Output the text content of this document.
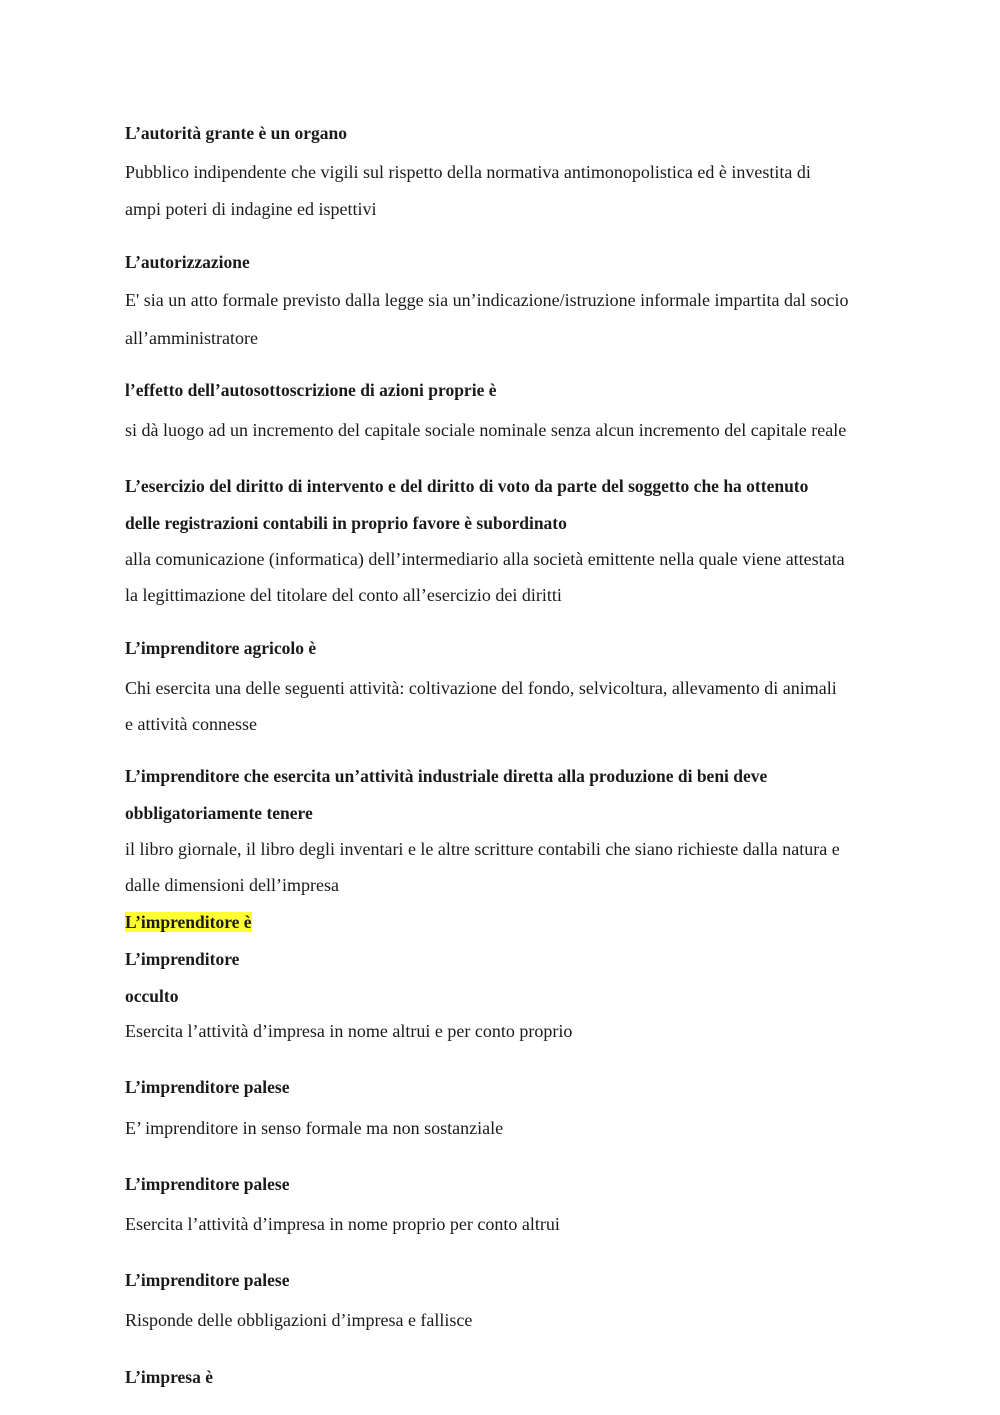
L’autorità grante è un organo

Pubblico indipendente che vigili sul rispetto della normativa antimonopolistica ed è investita di

ampi poteri di indagine ed ispettivi

L’autorizzazione

E' sia un atto formale previsto dalla legge sia un’indicazione/istruzione informale impartita dal socio

all’amministratore

l’effetto dell’autosottoscrizione di azioni proprie è

si dà luogo ad un incremento del capitale sociale nominale senza alcun incremento del capitale reale

L’esercizio del diritto di intervento e del diritto di voto da parte del soggetto che ha ottenuto

delle registrazioni contabili in proprio favore è subordinato

alla comunicazione (informatica) dell’intermediario alla società emittente nella quale viene attestata

la legittimazione del titolare del conto all’esercizio dei diritti

L’imprenditore agricolo è

Chi esercita una delle seguenti attività: coltivazione del fondo, selvicoltura, allevamento di animali

e attività connesse

L’imprenditore che esercita un’attività industriale diretta alla produzione di beni deve

obbligatoriamente tenere

il libro giornale, il libro degli inventari e le altre scritture contabili che siano richieste dalla natura e

dalle dimensioni dell’impresa

L’imprenditore è

L’imprenditore

occulto

Esercita l’attività d’impresa in nome altrui e per conto proprio

L’imprenditore palese

E’ imprenditore in senso formale ma non sostanziale

L’imprenditore palese

Esercita l’attività d’impresa in nome proprio per conto altrui

L’imprenditore palese

Risponde delle obbligazioni d’impresa e fallisce

L’impresa è
